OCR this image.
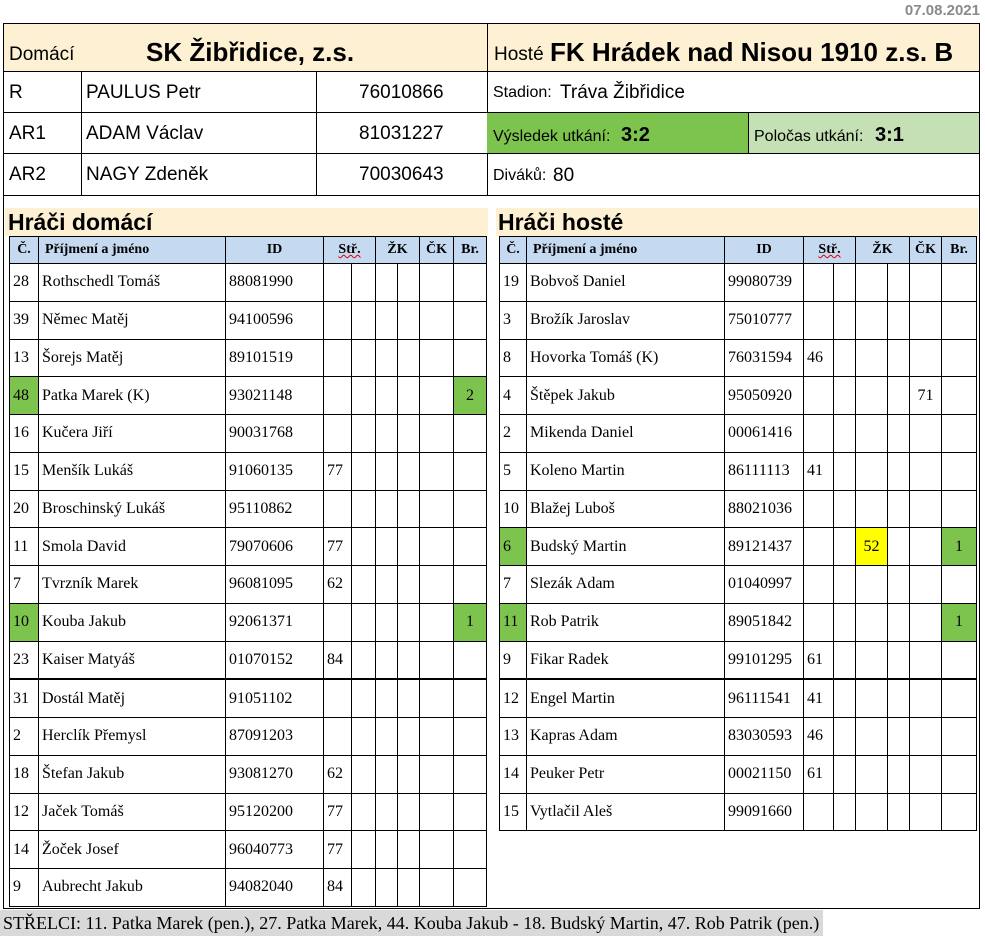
07.08.2021
Domácí	SK Žibřidice, z.s.	Hosté FK Hrádek nad Nisou 1910 z.s. B
R	PAULUS Petr	76010866
AR1 ADAM Václav	81031227
AR2 NAGY Zdeněk	70030643
Stadion: Tráva Žibřidice
Výsledek utkání: 3:2	Poločas utkání: 3:1
Diváků: 80
Hráči domácí	Hráči hosté
Č.	Příjmení a jméno	ID	Stř.		ŽK		ČK	Br.
28	Rothschedl Tomáš	88081990						
39	Němec Matěj	94100596						
13	Šorejs Matěj	89101519						
48	Patka Marek (K)	93021148						2
16	Kučera Jiří	90031768						
15	Menšík Lukáš	91060135	77					
20	Broschinský Lukáš	95110862						
11	Smola David	79070606	77					
7	Tvrzník Marek	96081095	62					
10	Kouba Jakub	92061371						1
23	Kaiser Matyáš	01070152	84					
31	Dostál Matěj	91051102						
2	Herclík Přemysl	87091203						
18	Štefan Jakub	93081270	62					
12	Jaček Tomáš	95120200	77					
14	Žoček Josef	96040773	77					
9	Aubrecht Jakub	94082040	84					
Č.	Příjmení a jméno	ID	Stř.		ŽK		ČK	Br.
19	Bobvoš Daniel	99080739						
3	Brožík Jaroslav	75010777						
8	Hovorka Tomáš (K)	76031594	46					
4	Štěpek Jakub	95050920					71	
2	Mikenda Daniel	00061416						
5	Koleno Martin	86111113	41					
10	Blažej Luboš	88021036						
6	Budský Martin	89121437			52			1
7	Slezák Adam	01040997						
11	Rob Patrik	89051842						1
9	Fikar Radek	99101295	61					
12	Engel Martin	96111541	41					
13	Kapras Adam	83030593	46					
14	Peuker Petr	00021150	61					
15	Vytlačil Aleš	99091660						
STŘELCI: 11. Patka Marek (pen.), 27. Patka Marek, 44. Kouba Jakub - 18. Budský Martin, 47. Rob Patrik (pen.)
